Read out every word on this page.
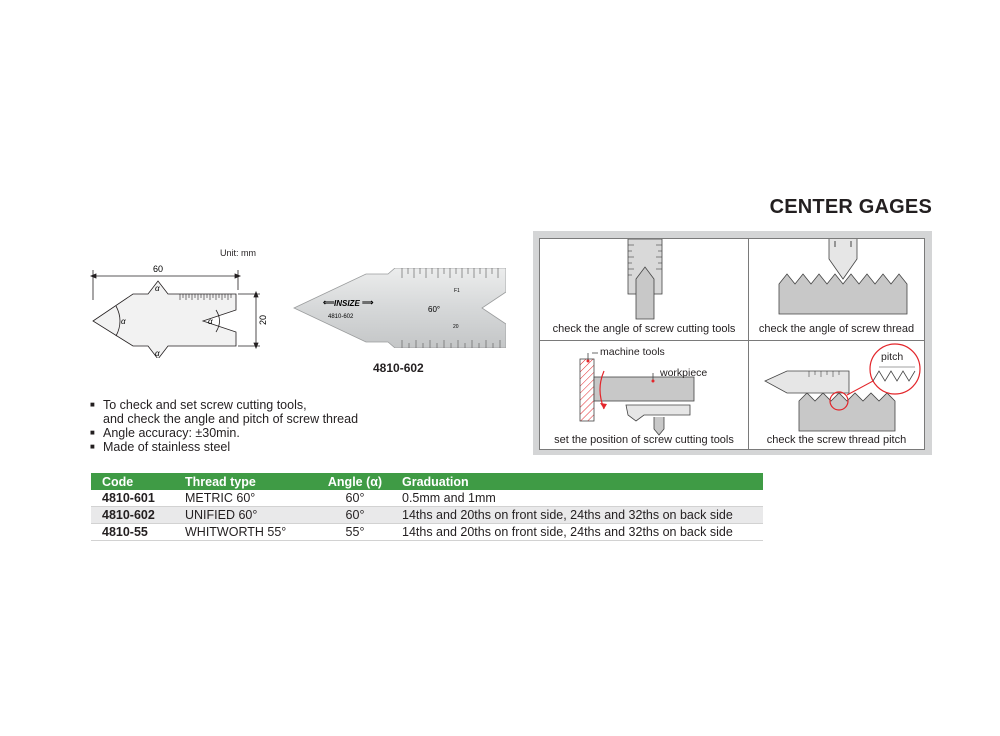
CENTER GAGES
Unit: mm
60
20
α	α
α
α
INSIZE
⟸	⟹
4810-602
60°
20
F1
4810-602
■ To check and set screw cutting tools,
and check the angle and pitch of screw thread
■ Angle accuracy: ±30min.
■ Made of stainless steel
check the angle of screw cutting tools	check the angle of screw thread
machine tools
workpiece
set the position of screw cutting tools
pitch
check the screw thread pitch
Code	Thread type	Angle (α)	Graduation
4810-601	METRIC 60°	60°	0.5mm and 1mm
4810-602	UNIFIED 60°	60°	14ths and 20ths on front side, 24ths and 32ths on back side
4810-55	WHITWORTH 55°	55°	14ths and 20ths on front side, 24ths and 32ths on back side
